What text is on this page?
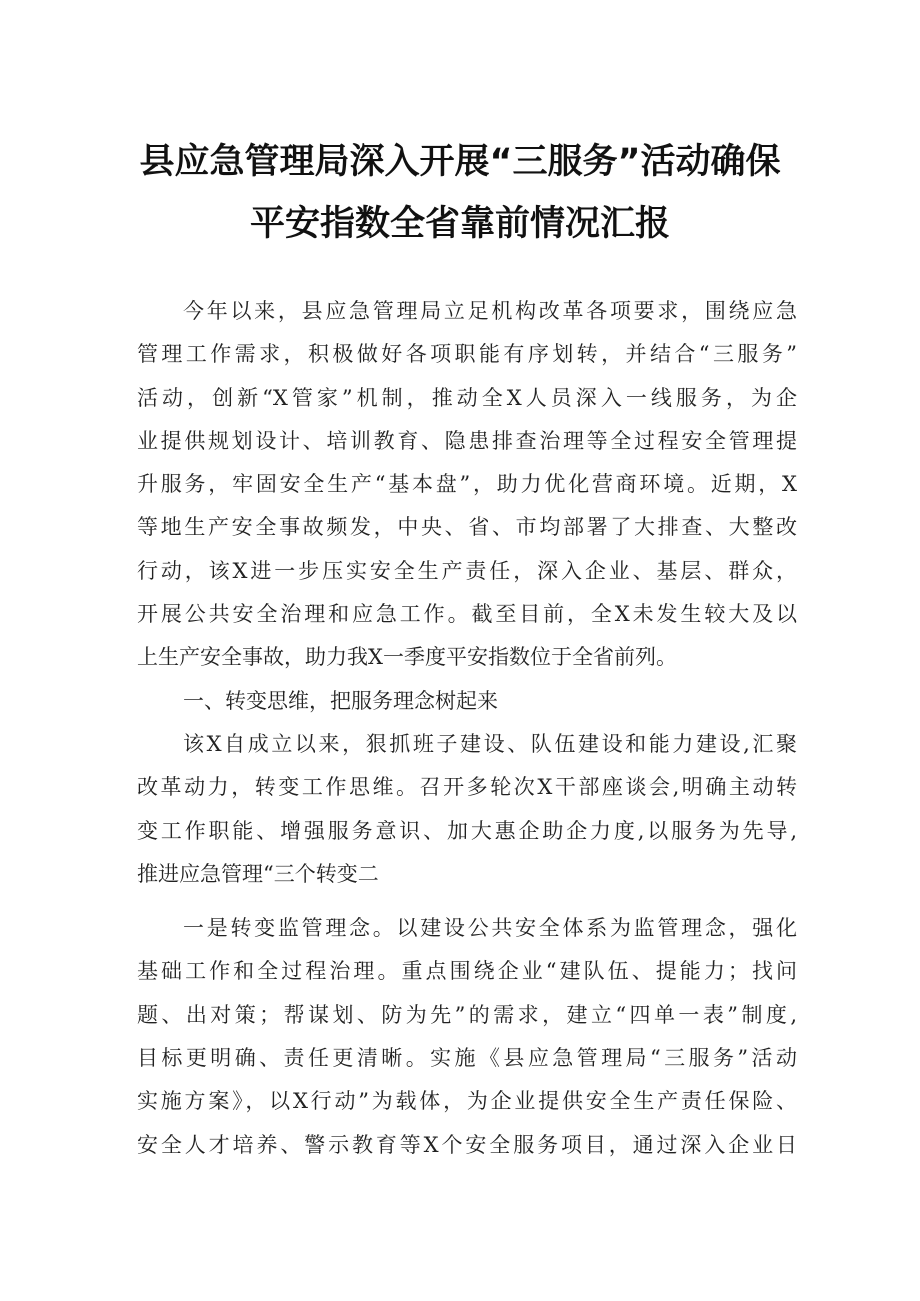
县应急管理局深入开展“三服务”活动确保
平安指数全省靠前情况汇报
今年以来，县应急管理局立足机构改革各项要求，围绕应急
管理工作需求，积极做好各项职能有序划转，并结合“三服务”
活动，创新“X管家”机制，推动全X人员深入一线服务，为企
业提供规划设计、培训教育、隐患排查治理等全过程安全管理提
升服务，牢固安全生产“基本盘”，助力优化营商环境。近期，X
等地生产安全事故频发，中央、省、市均部署了大排查、大整改
行动，该X进一步压实安全生产责任，深入企业、基层、群众，
开展公共安全治理和应急工作。截至目前，全X未发生较大及以
上生产安全事故，助力我X一季度平安指数位于全省前列。
一、转变思维，把服务理念树起来
该X自成立以来，狠抓班子建设、队伍建设和能力建设,汇聚
改革动力，转变工作思维。召开多轮次X干部座谈会,明确主动转
变工作职能、增强服务意识、加大惠企助企力度,以服务为先导,
推进应急管理“三个转变二
一是转变监管理念。以建设公共安全体系为监管理念，强化
基础工作和全过程治理。重点围绕企业“建队伍、提能力；找问
题、出对策；帮谋划、防为先”的需求，建立“四单一表”制度,
目标更明确、责任更清晰。实施《县应急管理局“三服务”活动
实施方案》，以X行动”为载体，为企业提供安全生产责任保险、
安全人才培养、警示教育等X个安全服务项目，通过深入企业日
